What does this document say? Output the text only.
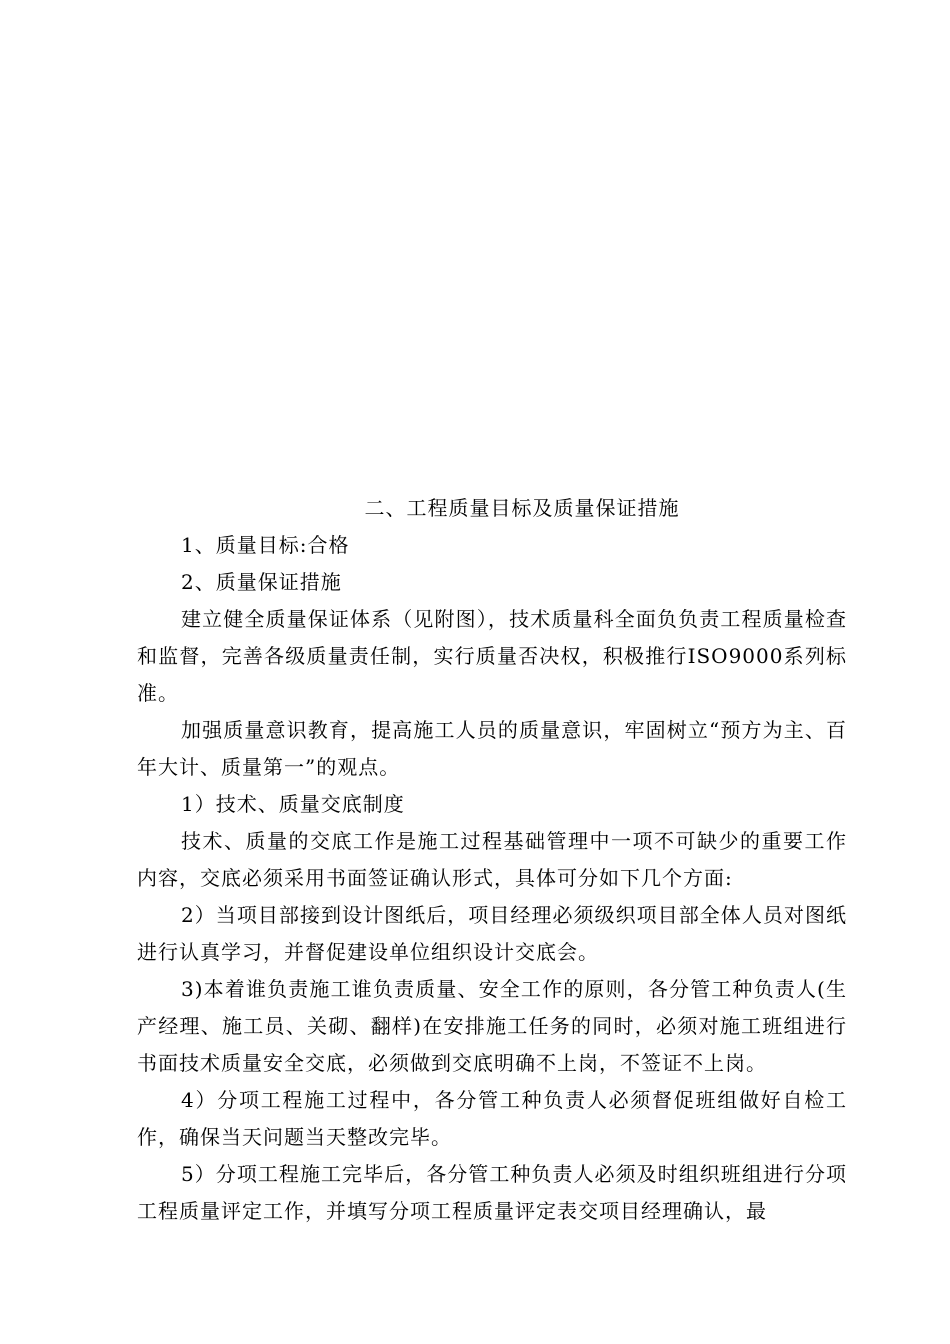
二、工程质量目标及质量保证措施

1、质量目标:合格

2、质量保证措施

建立健全质量保证体系（见附图），技术质量科全面负负责工程质量检查和监督，完善各级质量责任制，实行质量否决权，积极推行ISO9000系列标准。

加强质量意识教育，提高施工人员的质量意识，牢固树立“预方为主、百年大计、质量第一”的观点。

1）技术、质量交底制度

技术、质量的交底工作是施工过程基础管理中一项不可缺少的重要工作内容，交底必须采用书面签证确认形式，具体可分如下几个方面:

2）当项目部接到设计图纸后，项目经理必须级织项目部全体人员对图纸进行认真学习，并督促建设单位组织设计交底会。

3)本着谁负责施工谁负责质量、安全工作的原则，各分管工种负责人(生产经理、施工员、关砌、翻样)在安排施工任务的同时，必须对施工班组进行书面技术质量安全交底，必须做到交底明确不上岗，不签证不上岗。

4）分项工程施工过程中，各分管工种负责人必须督促班组做好自检工作，确保当天问题当天整改完毕。

5）分项工程施工完毕后，各分管工种负责人必须及时组织班组进行分项工程质量评定工作，并填写分项工程质量评定表交项目经理确认，最
